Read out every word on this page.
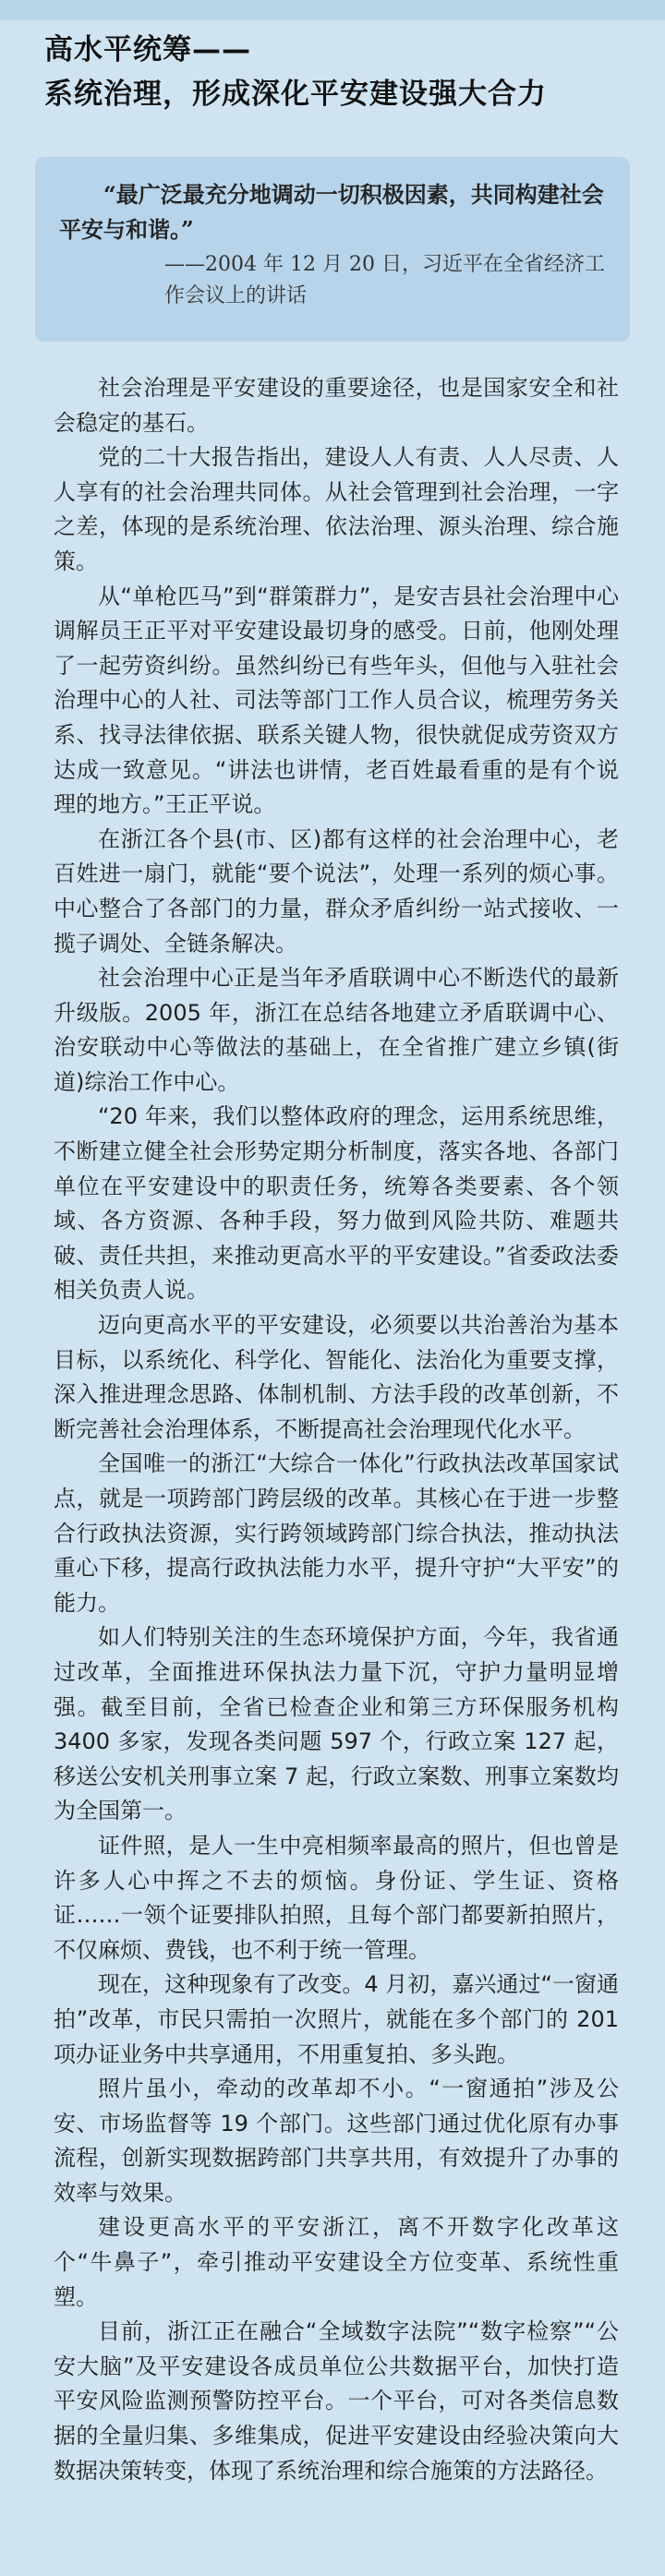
高水平统筹——
系统治理，形成深化平安建设强大合力
“最广泛最充分地调动一切积极因素，共同构建社会平安与和谐。”
——2004 年 12 月 20 日，习近平在全省经济工作会议上的讲话

社会治理是平安建设的重要途径，也是国家安全和社会稳定的基石。

党的二十大报告指出，建设人人有责、人人尽责、人人享有的社会治理共同体。从社会管理到社会治理，一字之差，体现的是系统治理、依法治理、源头治理、综合施策。

从“单枪匹马”到“群策群力”，是安吉县社会治理中心调解员王正平对平安建设最切身的感受。日前，他刚处理了一起劳资纠纷。虽然纠纷已有些年头，但他与入驻社会治理中心的人社、司法等部门工作人员合议，梳理劳务关系、找寻法律依据、联系关键人物，很快就促成劳资双方达成一致意见。“讲法也讲情，老百姓最看重的是有个说理的地方。”王正平说。

在浙江各个县(市、区)都有这样的社会治理中心，老百姓进一扇门，就能“要个说法”，处理一系列的烦心事。中心整合了各部门的力量，群众矛盾纠纷一站式接收、一揽子调处、全链条解决。

社会治理中心正是当年矛盾联调中心不断迭代的最新升级版。2005 年，浙江在总结各地建立矛盾联调中心、治安联动中心等做法的基础上，在全省推广建立乡镇(街道)综治工作中心。

“20 年来，我们以整体政府的理念，运用系统思维，不断建立健全社会形势定期分析制度，落实各地、各部门单位在平安建设中的职责任务，统筹各类要素、各个领域、各方资源、各种手段，努力做到风险共防、难题共破、责任共担，来推动更高水平的平安建设。”省委政法委相关负责人说。

迈向更高水平的平安建设，必须要以共治善治为基本目标，以系统化、科学化、智能化、法治化为重要支撑，深入推进理念思路、体制机制、方法手段的改革创新，不断完善社会治理体系，不断提高社会治理现代化水平。

全国唯一的浙江“大综合一体化”行政执法改革国家试点，就是一项跨部门跨层级的改革。其核心在于进一步整合行政执法资源，实行跨领域跨部门综合执法，推动执法重心下移，提高行政执法能力水平，提升守护“大平安”的能力。

如人们特别关注的生态环境保护方面，今年，我省通过改革，全面推进环保执法力量下沉，守护力量明显增强。截至目前，全省已检查企业和第三方环保服务机构 3400 多家，发现各类问题 597 个，行政立案 127 起，移送公安机关刑事立案 7 起，行政立案数、刑事立案数均为全国第一。

证件照，是人一生中亮相频率最高的照片，但也曾是许多人心中挥之不去的烦恼。身份证、学生证、资格证……一领个证要排队拍照，且每个部门都要新拍照片，不仅麻烦、费钱，也不利于统一管理。

现在，这种现象有了改变。4 月初，嘉兴通过“一窗通拍”改革，市民只需拍一次照片，就能在多个部门的 201 项办证业务中共享通用，不用重复拍、多头跑。

照片虽小，牵动的改革却不小。“一窗通拍”涉及公安、市场监督等 19 个部门。这些部门通过优化原有办事流程，创新实现数据跨部门共享共用，有效提升了办事的效率与效果。

建设更高水平的平安浙江，离不开数字化改革这个“牛鼻子”，牵引推动平安建设全方位变革、系统性重塑。

目前，浙江正在融合“全域数字法院”“数字检察”“公安大脑”及平安建设各成员单位公共数据平台，加快打造平安风险监测预警防控平台。一个平台，可对各类信息数据的全量归集、多维集成，促进平安建设由经验决策向大数据决策转变，体现了系统治理和综合施策的方法路径。
